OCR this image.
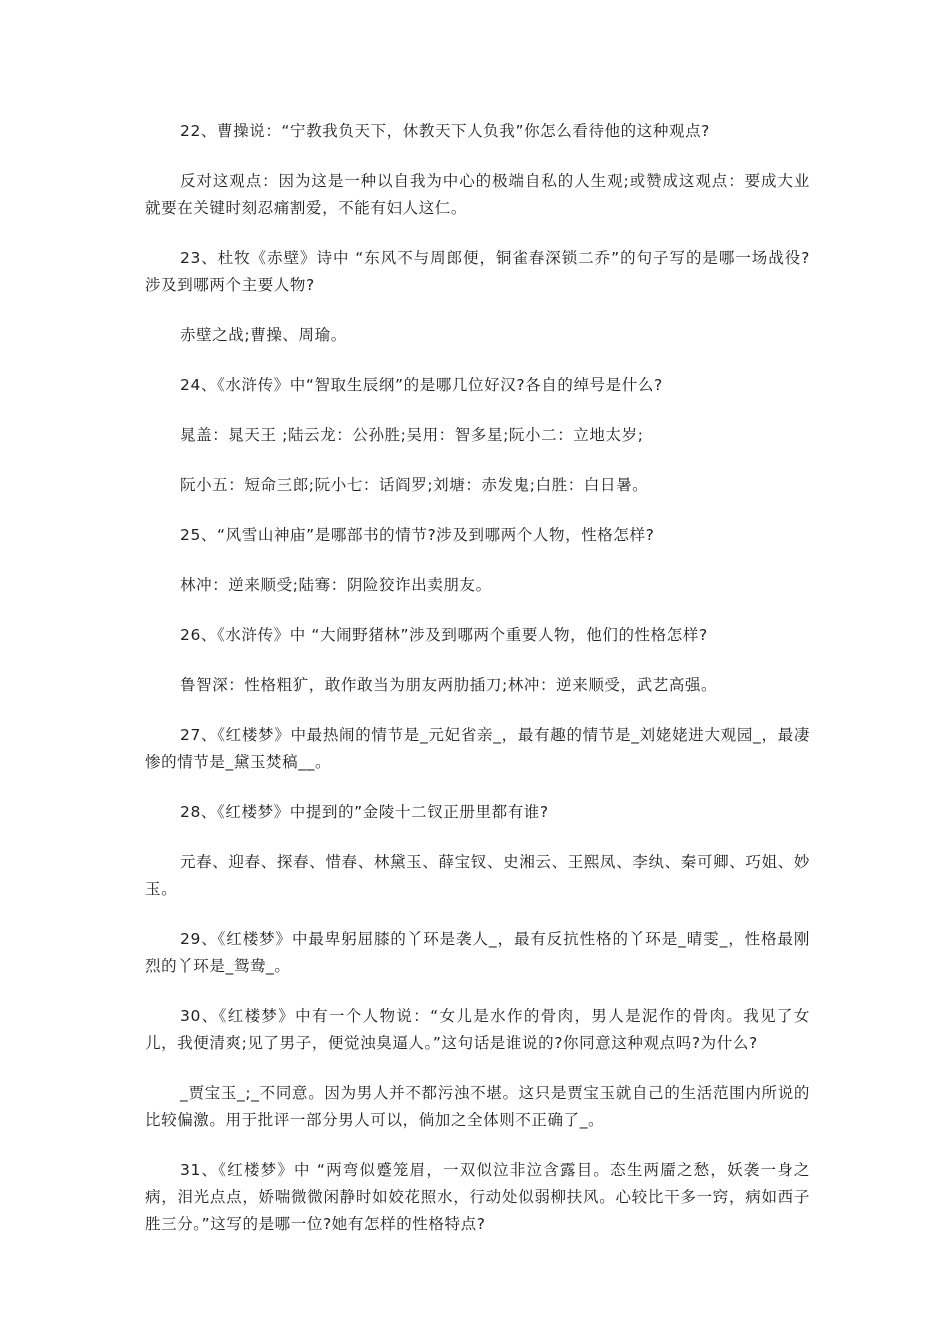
22、曹操说：“宁教我负天下，休教天下人负我”你怎么看待他的这种观点?

反对这观点：因为这是一种以自我为中心的极端自私的人生观;或赞成这观点：要成大业就要在关键时刻忍痛割爱，不能有妇人这仁。

23、杜牧《赤壁》诗中 “东风不与周郎便，铜雀春深锁二乔”的句子写的是哪一场战役?涉及到哪两个主要人物?

赤壁之战;曹操、周瑜。

24、《水浒传》中“智取生辰纲”的是哪几位好汉?各自的绰号是什么?

晁盖：晁天王 ;陆云龙：公孙胜;吴用：智多星;阮小二：立地太岁;

阮小五：短命三郎;阮小七：话阎罗;刘塘：赤发鬼;白胜：白日暑。

25、“风雪山神庙”是哪部书的情节?涉及到哪两个人物，性格怎样?

林冲：逆来顺受;陆骞：阴险狡诈出卖朋友。

26、《水浒传》中 “大闹野猪林”涉及到哪两个重要人物，他们的性格怎样?

鲁智深：性格粗犷，敢作敢当为朋友两肋插刀;林冲：逆来顺受，武艺高强。

27、《红楼梦》中最热闹的情节是_元妃省亲_，最有趣的情节是_刘姥姥进大观园_，最凄惨的情节是_黛玉焚稿__。

28、《红楼梦》中提到的”金陵十二钗正册里都有谁?

元春、迎春、探春、惜春、林黛玉、薛宝钗、史湘云、王熙凤、李纨、秦可卿、巧姐、妙玉。

29、《红楼梦》中最卑躬屈膝的丫环是袭人_，最有反抗性格的丫环是_晴雯_，性格最刚烈的丫环是_鸳鸯_。

30、《红楼梦》中有一个人物说：“女儿是水作的骨肉，男人是泥作的骨肉。我见了女儿，我便清爽;见了男子，便觉浊臭逼人。”这句话是谁说的?你同意这种观点吗?为什么?

_贾宝玉_;_不同意。因为男人并不都污浊不堪。这只是贾宝玉就自己的生活范围内所说的比较偏激。用于批评一部分男人可以，倘加之全体则不正确了_。

31、《红楼梦》中 “两弯似蹙笼眉，一双似泣非泣含露目。态生两靥之愁，妖袭一身之病，泪光点点，娇喘微微闲静时如姣花照水，行动处似弱柳扶风。心较比干多一窍，病如西子胜三分。”这写的是哪一位?她有怎样的性格特点?
